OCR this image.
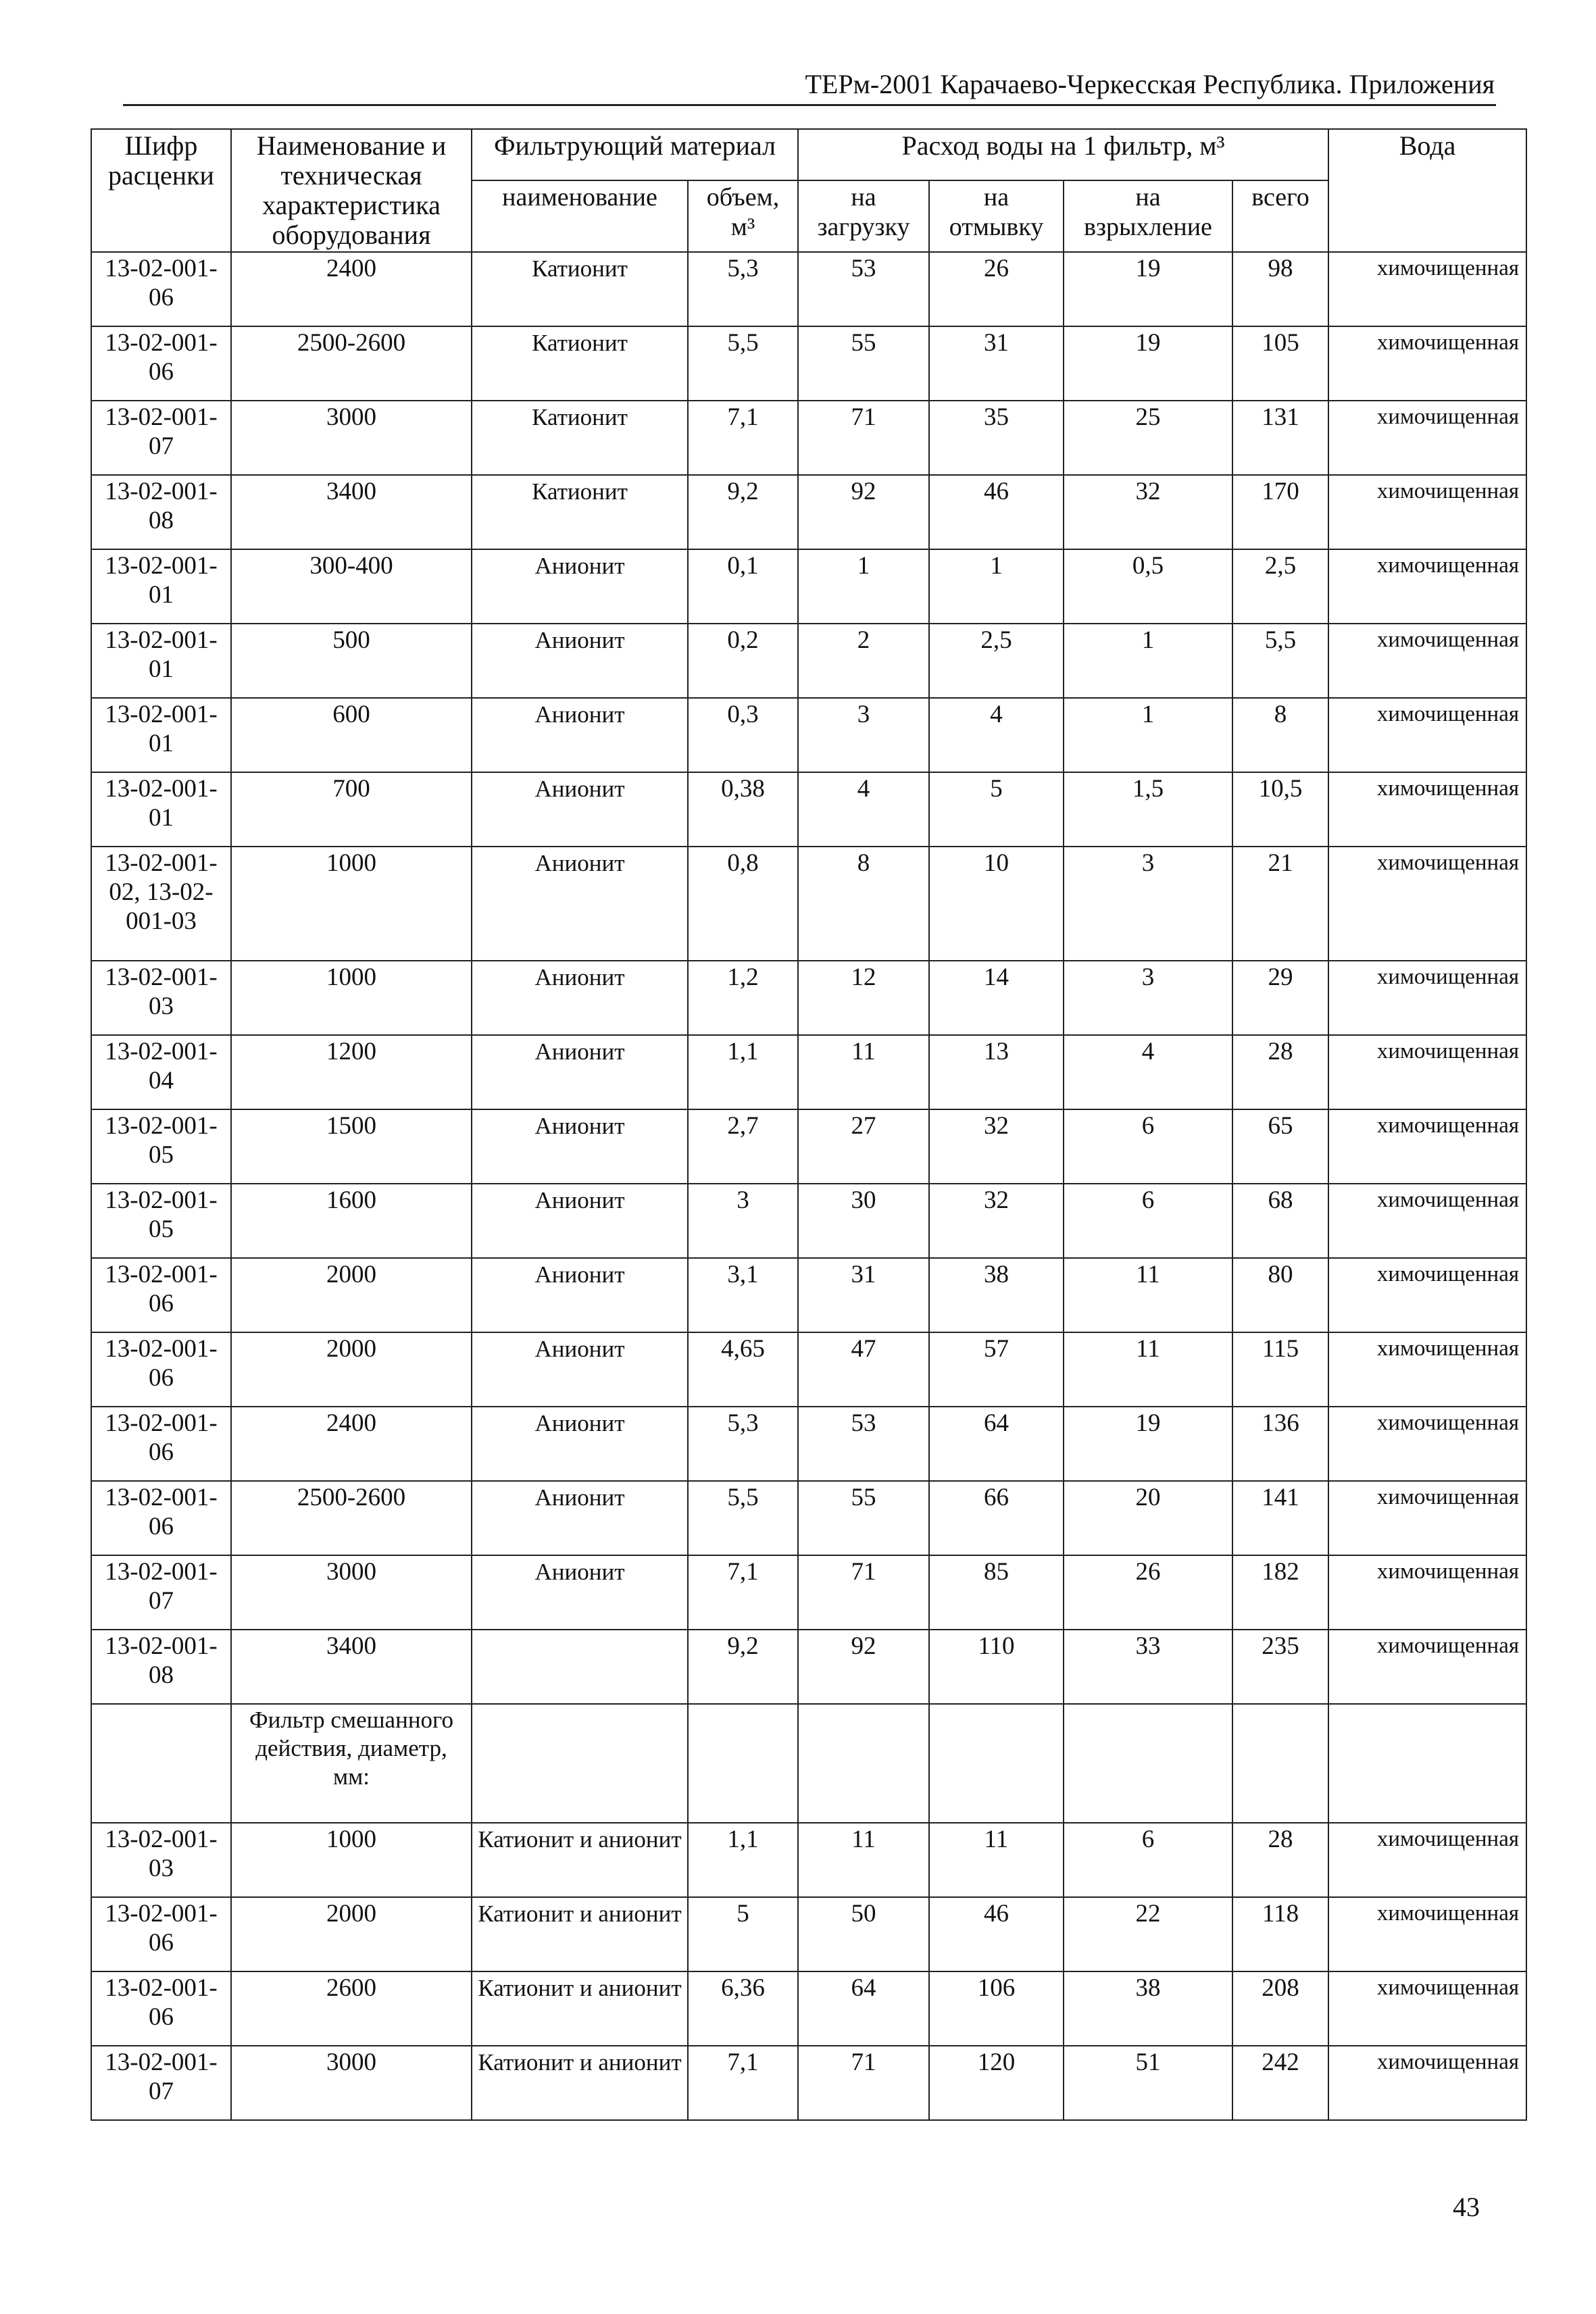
ТЕРм-2001 Карачаево-Черкесская Республика. Приложения
Шифр расценки	Наименование и техническая характеристика оборудования	Фильтрующий материал		Расход воды на 1 фильтр, м³				Вода
		наименование	объем, м³	на загрузку	на отмывку	на взрыхление	всего	
13-02-001-06	2400	Катионит	5,3	53	26	19	98	химочищенная
13-02-001-06	2500-2600	Катионит	5,5	55	31	19	105	химочищенная
13-02-001-07	3000	Катионит	7,1	71	35	25	131	химочищенная
13-02-001-08	3400	Катионит	9,2	92	46	32	170	химочищенная
13-02-001-01	300-400	Анионит	0,1	1	1	0,5	2,5	химочищенная
13-02-001-01	500	Анионит	0,2	2	2,5	1	5,5	химочищенная
13-02-001-01	600	Анионит	0,3	3	4	1	8	химочищенная
13-02-001-01	700	Анионит	0,38	4	5	1,5	10,5	химочищенная
13-02-001-02, 13-02-001-03	1000	Анионит	0,8	8	10	3	21	химочищенная
13-02-001-03	1000	Анионит	1,2	12	14	3	29	химочищенная
13-02-001-04	1200	Анионит	1,1	11	13	4	28	химочищенная
13-02-001-05	1500	Анионит	2,7	27	32	6	65	химочищенная
13-02-001-05	1600	Анионит	3	30	32	6	68	химочищенная
13-02-001-06	2000	Анионит	3,1	31	38	11	80	химочищенная
13-02-001-06	2000	Анионит	4,65	47	57	11	115	химочищенная
13-02-001-06	2400	Анионит	5,3	53	64	19	136	химочищенная
13-02-001-06	2500-2600	Анионит	5,5	55	66	20	141	химочищенная
13-02-001-07	3000	Анионит	7,1	71	85	26	182	химочищенная
13-02-001-08	3400		9,2	92	110	33	235	химочищенная
	Фильтр смешанного действия, диаметр, мм:							
13-02-001-03	1000	Катионит и анионит	1,1	11	11	6	28	химочищенная
13-02-001-06	2000	Катионит и анионит	5	50	46	22	118	химочищенная
13-02-001-06	2600	Катионит и анионит	6,36	64	106	38	208	химочищенная
13-02-001-07	3000	Катионит и анионит	7,1	71	120	51	242	химочищенная
43
